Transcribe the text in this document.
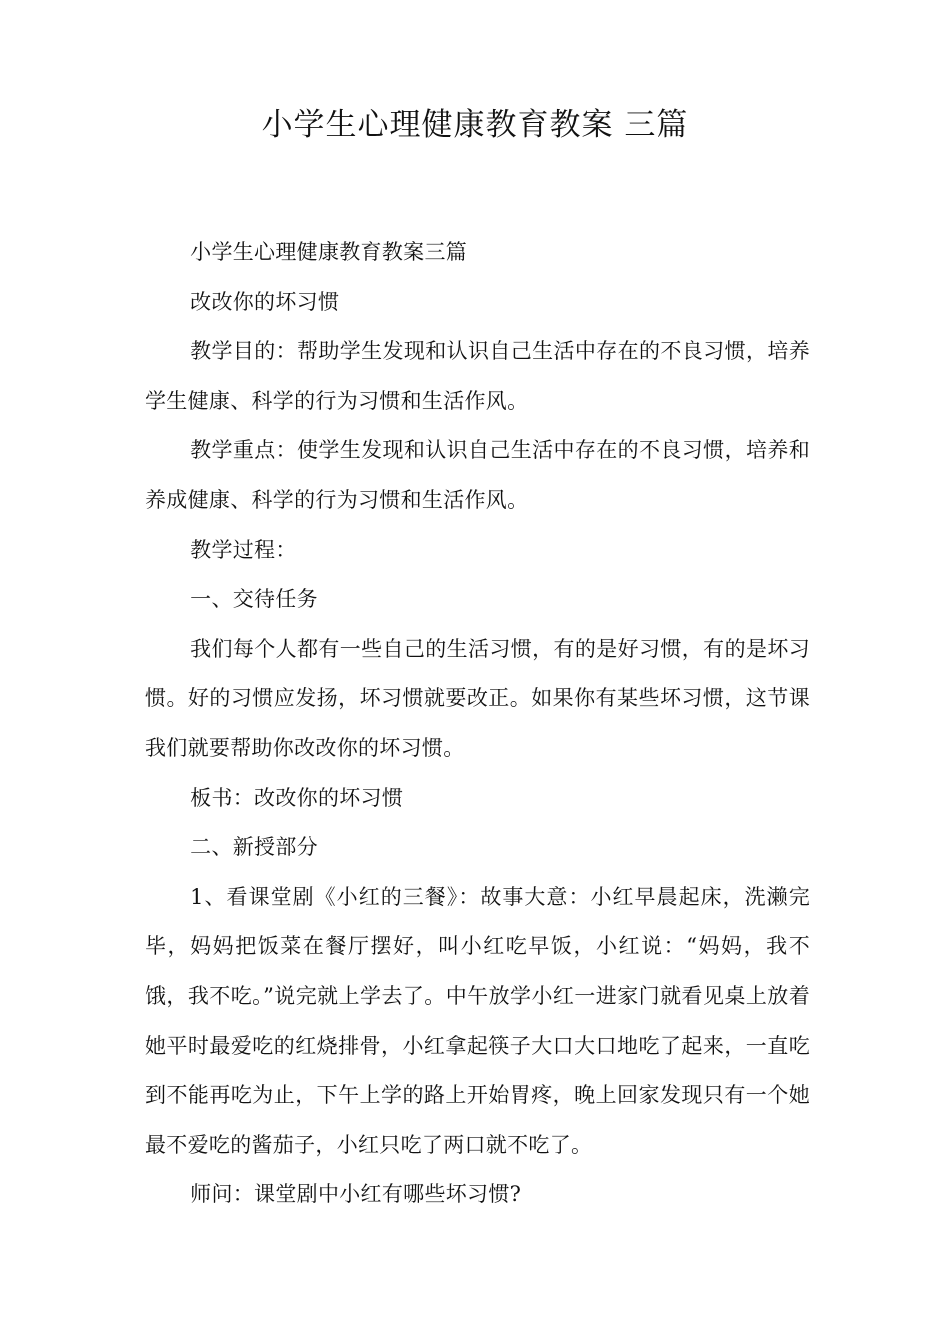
小学生心理健康教育教案 三篇

小学生心理健康教育教案三篇

改改你的坏习惯

教学目的：帮助学生发现和认识自己生活中存在的不良习惯，培养学生健康、科学的行为习惯和生活作风。

教学重点：使学生发现和认识自己生活中存在的不良习惯，培养和养成健康、科学的行为习惯和生活作风。

教学过程：

一、交待任务

我们每个人都有一些自己的生活习惯，有的是好习惯，有的是坏习惯。好的习惯应发扬，坏习惯就要改正。如果你有某些坏习惯，这节课我们就要帮助你改改你的坏习惯。

板书：改改你的坏习惯

二、新授部分

1、看课堂剧《小红的三餐》：故事大意：小红早晨起床，洗濑完毕，妈妈把饭菜在餐厅摆好，叫小红吃早饭，小红说：“妈妈，我不饿，我不吃。”说完就上学去了。中午放学小红一进家门就看见桌上放着她平时最爱吃的红烧排骨，小红拿起筷子大口大口地吃了起来，一直吃到不能再吃为止，下午上学的路上开始胃疼，晚上回家发现只有一个她最不爱吃的酱茄子，小红只吃了两口就不吃了。

师问：课堂剧中小红有哪些坏习惯?
